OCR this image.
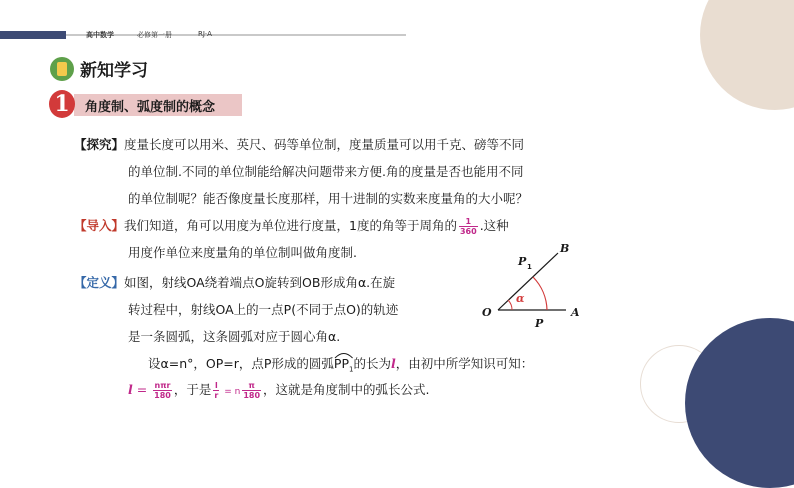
高中数学	必修第一册	RJ·A
新知学习
1	角度制、弧度制的概念
【探究】度量长度可以用米、英尺、码等单位制，度量质量可以用千克、磅等不同
的单位制.不同的单位制能给解决问题带来方便.角的度量是否也能用不同
的单位制呢？能否像度量长度那样，用十进制的实数来度量角的大小呢？
【导入】我们知道，角可以用度为单位进行度量，1度的角等于周角的 $\frac{1}{360}$ .这种
用度作单位来度量角的单位制叫做角度制.
【定义】如图，射线OA绕着端点O旋转到OB形成角α.在旋
转过程中，射线OA上的一点P(不同于点O)的轨迹
是一条圆弧，这条圆弧对应于圆心角α.
设α=n°，OP=r，点P形成的圆弧
$PP_1$的长为l，由初中所学知识可知：
$l = \frac{\text{nπr}}{180}$ ，于是 $\frac{l}{r} = n \frac{\pi}{180}$ ，这就是角度制中的弧长公式.
B
P 1
α
O
P
A
